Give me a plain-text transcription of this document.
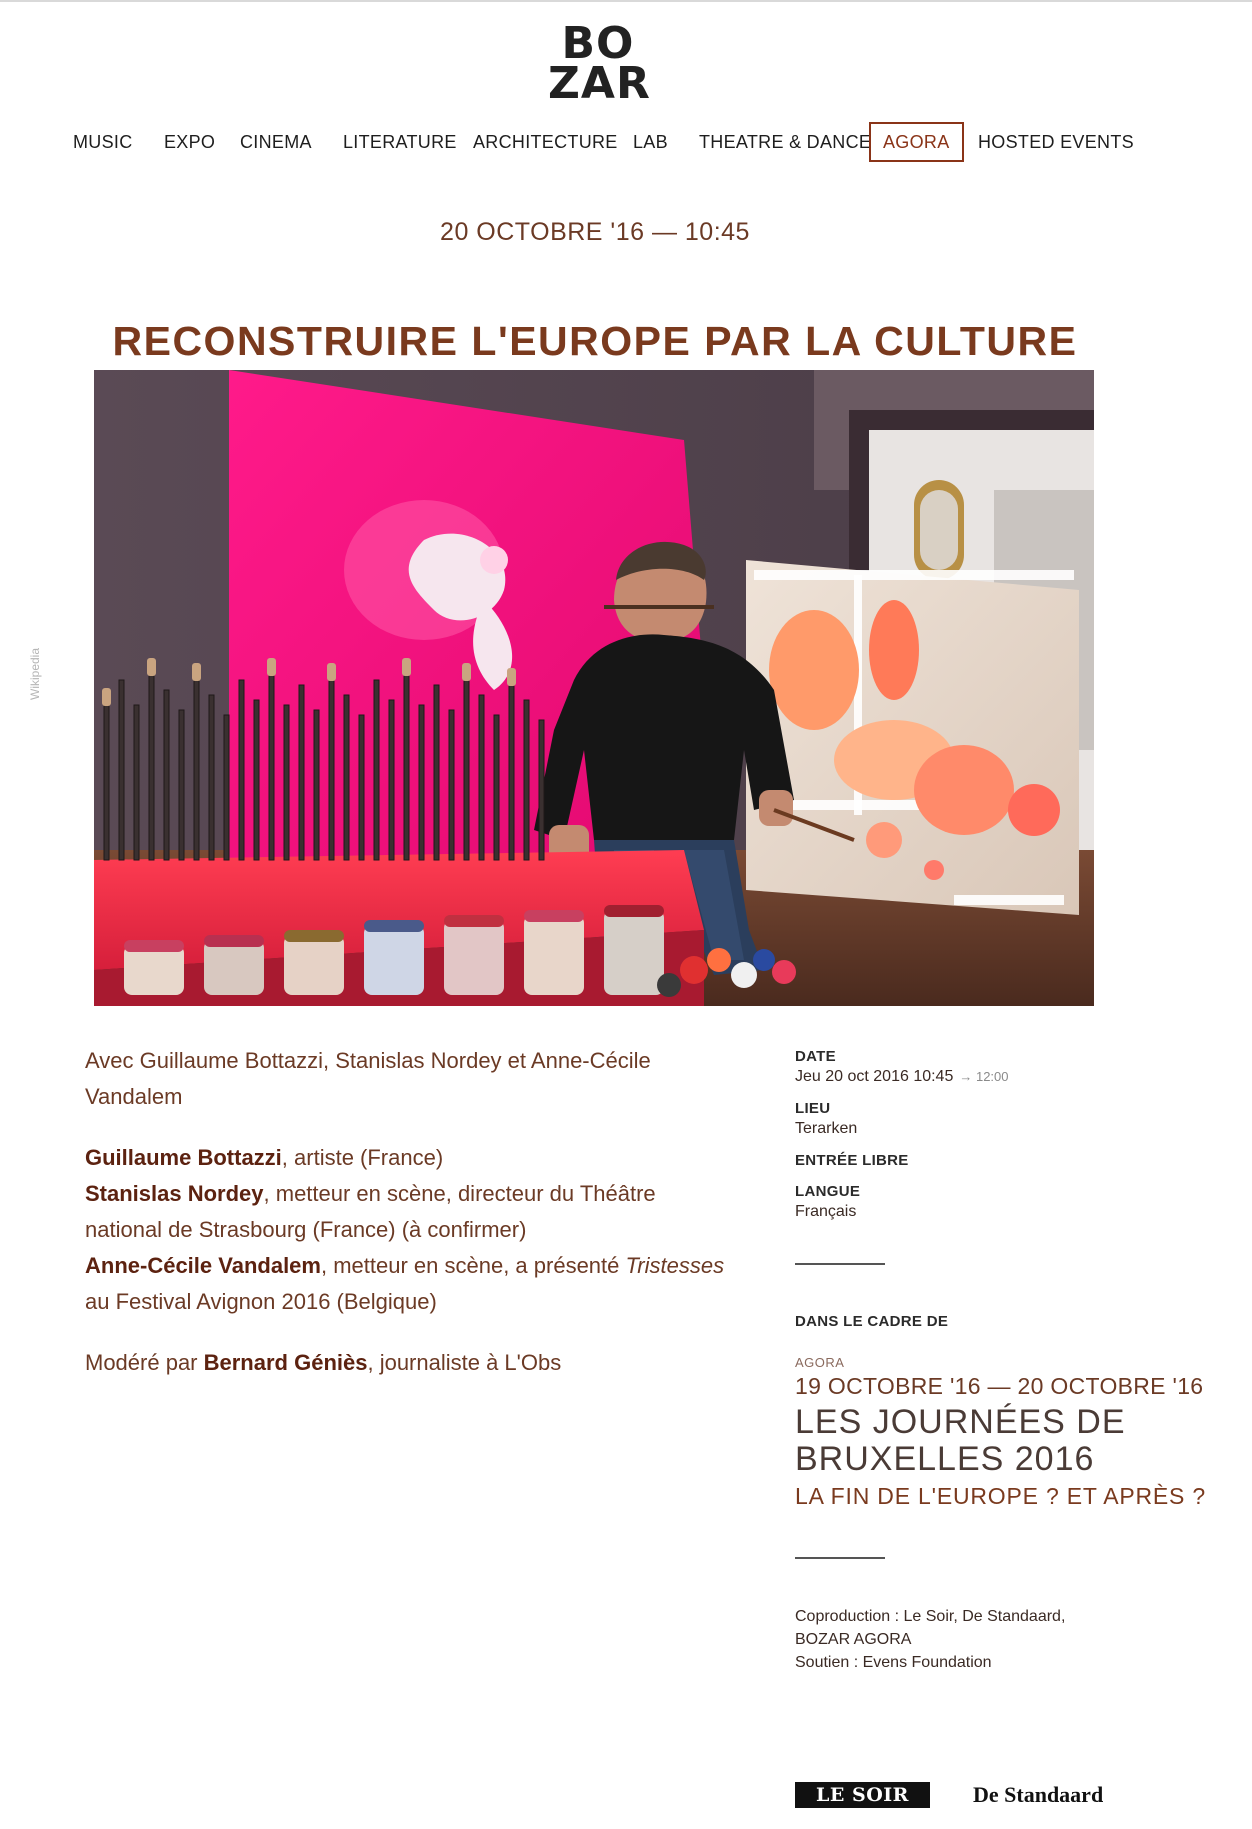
BO
ZAR
MUSIC EXPO CINEMA LITERATURE ARCHITECTURE LAB THEATRE & DANCE AGORA	HOSTED EVENTS
20 OCTOBRE '16 — 10:45
RECONSTRUIRE L'EUROPE PAR LA CULTURE
Wikipedia

Avec Guillaume Bottazzi, Stanislas Nordey et Anne-Cécile Vandalem

Guillaume Bottazzi, artiste (France)
Stanislas Nordey, metteur en scène, directeur du Théâtre national de Strasbourg (France) (à confirmer)
Anne-Cécile Vandalem, metteur en scène, a présenté Tristesses au Festival Avignon 2016 (Belgique)

Modéré par Bernard Géniès, journaliste à L'Obs

DATE
Jeu 20 oct 2016 10:45 → 12:00
LIEU
Terarken
ENTRÉE LIBRE
LANGUE
Français
DANS LE CADRE DE
AGORA
19 OCTOBRE '16 — 20 OCTOBRE '16
LES JOURNÉES DE BRUXELLES 2016
LA FIN DE L'EUROPE ? ET APRÈS ?
Coproduction : Le Soir, De Standaard,
BOZAR AGORA
Soutien : Evens Foundation
LE SOIR	De Standaard
